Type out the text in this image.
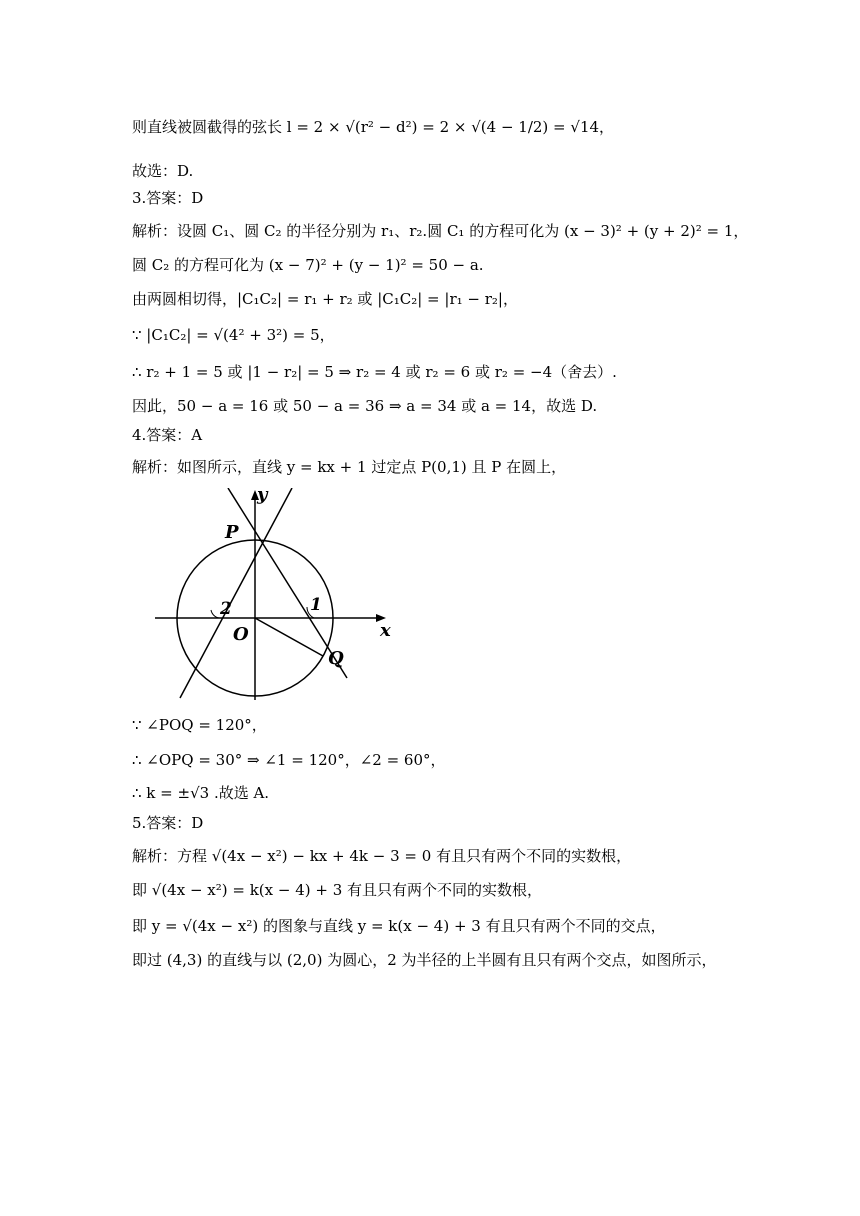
则直线被圆截得的弦长 l = 2 × √(r² − d²) = 2 × √(4 − 1/2) = √14，
故选：D.
3.答案：D
解析：设圆 C₁、圆 C₂ 的半径分别为 r₁、r₂.圆 C₁ 的方程可化为 (x − 3)² + (y + 2)² = 1，
圆 C₂ 的方程可化为 (x − 7)² + (y − 1)² = 50 − a.
由两圆相切得，|C₁C₂| = r₁ + r₂ 或 |C₁C₂| = |r₁ − r₂|，
∵ |C₁C₂| = √(4² + 3²) = 5，
∴ r₂ + 1 = 5 或 |1 − r₂| = 5 ⇒ r₂ = 4 或 r₂ = 6 或 r₂ = −4（舍去）.
因此，50 − a = 16 或 50 − a = 36 ⇒ a = 34 或 a = 14，故选 D.
4.答案：A
解析：如图所示，直线 y = kx + 1 过定点 P(0,1) 且 P 在圆上，
∵ ∠POQ = 120°，
∴ ∠OPQ = 30° ⇒ ∠1 = 120°，∠2 = 60°，
∴ k = ±√3 .故选 A.
5.答案：D
解析：方程 √(4x − x²) − kx + 4k − 3 = 0 有且只有两个不同的实数根，
即 √(4x − x²) = k(x − 4) + 3 有且只有两个不同的实数根，
即 y = √(4x − x²) 的图象与直线 y = k(x − 4) + 3 有且只有两个不同的交点，
即过 (4,3) 的直线与以 (2,0) 为圆心，2 为半径的上半圆有且只有两个交点，如图所示，
y
x
P
O
Q
1
2
